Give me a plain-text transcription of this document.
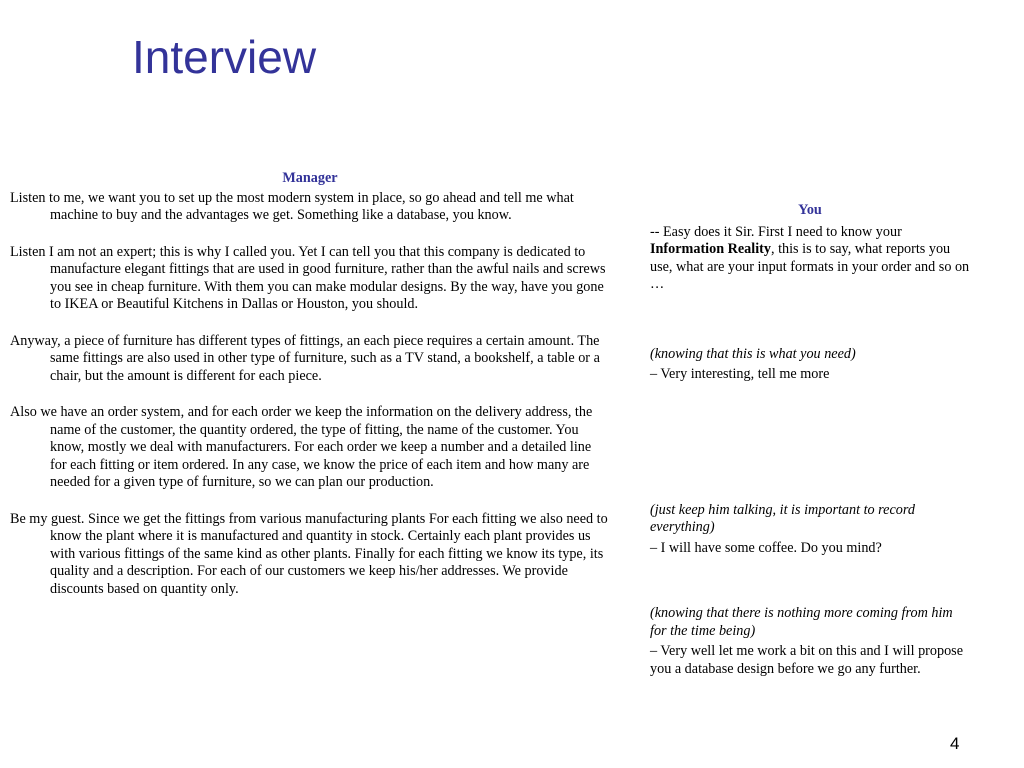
Interview
Manager

Listen to me, we want you to set up the most modern system in place, so go ahead and tell me what machine to buy and the advantages we get. Something like a database, you know.

Listen I am not an expert; this is why I called you. Yet I can tell you that this company is dedicated to manufacture elegant fittings that are used in good furniture, rather than the awful nails and screws you see in cheap furniture. With them you can make modular designs. By the way, have you gone to IKEA or Beautiful Kitchens in Dallas or Houston, you should.

Anyway, a piece of furniture has different types of fittings, an each piece requires a certain amount. The same fittings are also used in other type of furniture, such as a TV stand, a bookshelf, a table or a chair, but the amount is different for each piece.

Also we have an order system, and for each order we keep the information on the delivery address, the name of the customer, the quantity ordered, the type of fitting, the name of the customer. You know, mostly we deal with manufacturers. For each order we keep a number and a detailed line for each fitting or item ordered. In any case, we know the price of each item and how many are needed for a given type of furniture, so we can plan our production.

Be my guest. Since we get the fittings from various manufacturing plants For each fitting we also need to know the plant where it is manufactured and quantity in stock. Certainly each plant provides us with various fittings of the same kind as other plants. Finally for each fitting we know its type, its quality and a description. For each of our customers we keep his/her addresses. We provide discounts based on quantity only.

You

-- Easy does it Sir. First I need to know your Information Reality, this is to say, what reports you use, what are your input formats in your order and so on …

(knowing that this is what you need)

– Very interesting, tell me more

(just keep him talking, it is important to record everything)

– I will have some coffee. Do you mind?

(knowing that there is nothing more coming from him for the time being)

– Very well let me work a bit on this and I will propose you a database design before we go any further.

4
